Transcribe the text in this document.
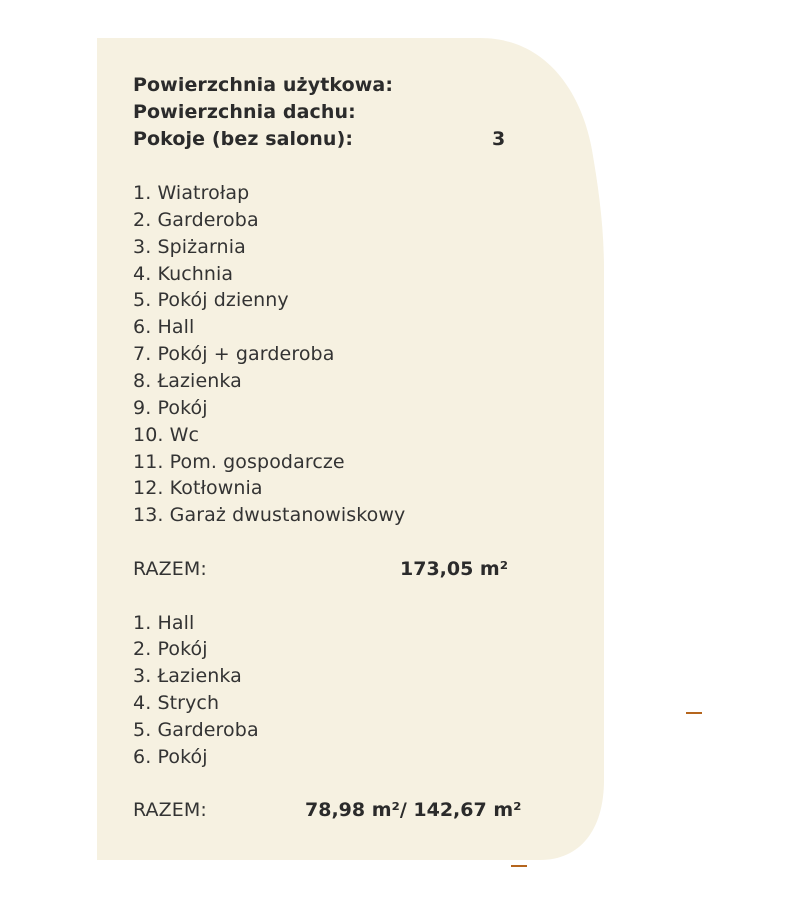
Powierzchnia użytkowa:
Powierzchnia dachu:
Pokoje (bez salonu):	3
1. Wiatrołap
2. Garderoba
3. Spiżarnia
4. Kuchnia
5. Pokój dzienny
6. Hall
7. Pokój + garderoba
8. Łazienka
9. Pokój
10. Wc
11. Pom. gospodarcze
12. Kotłownia
13. Garaż dwustanowiskowy
RAZEM:	173,05 m²
1. Hall
2. Pokój
3. Łazienka
4. Strych
5. Garderoba
6. Pokój
RAZEM:	78,98 m²/ 142,67 m²
